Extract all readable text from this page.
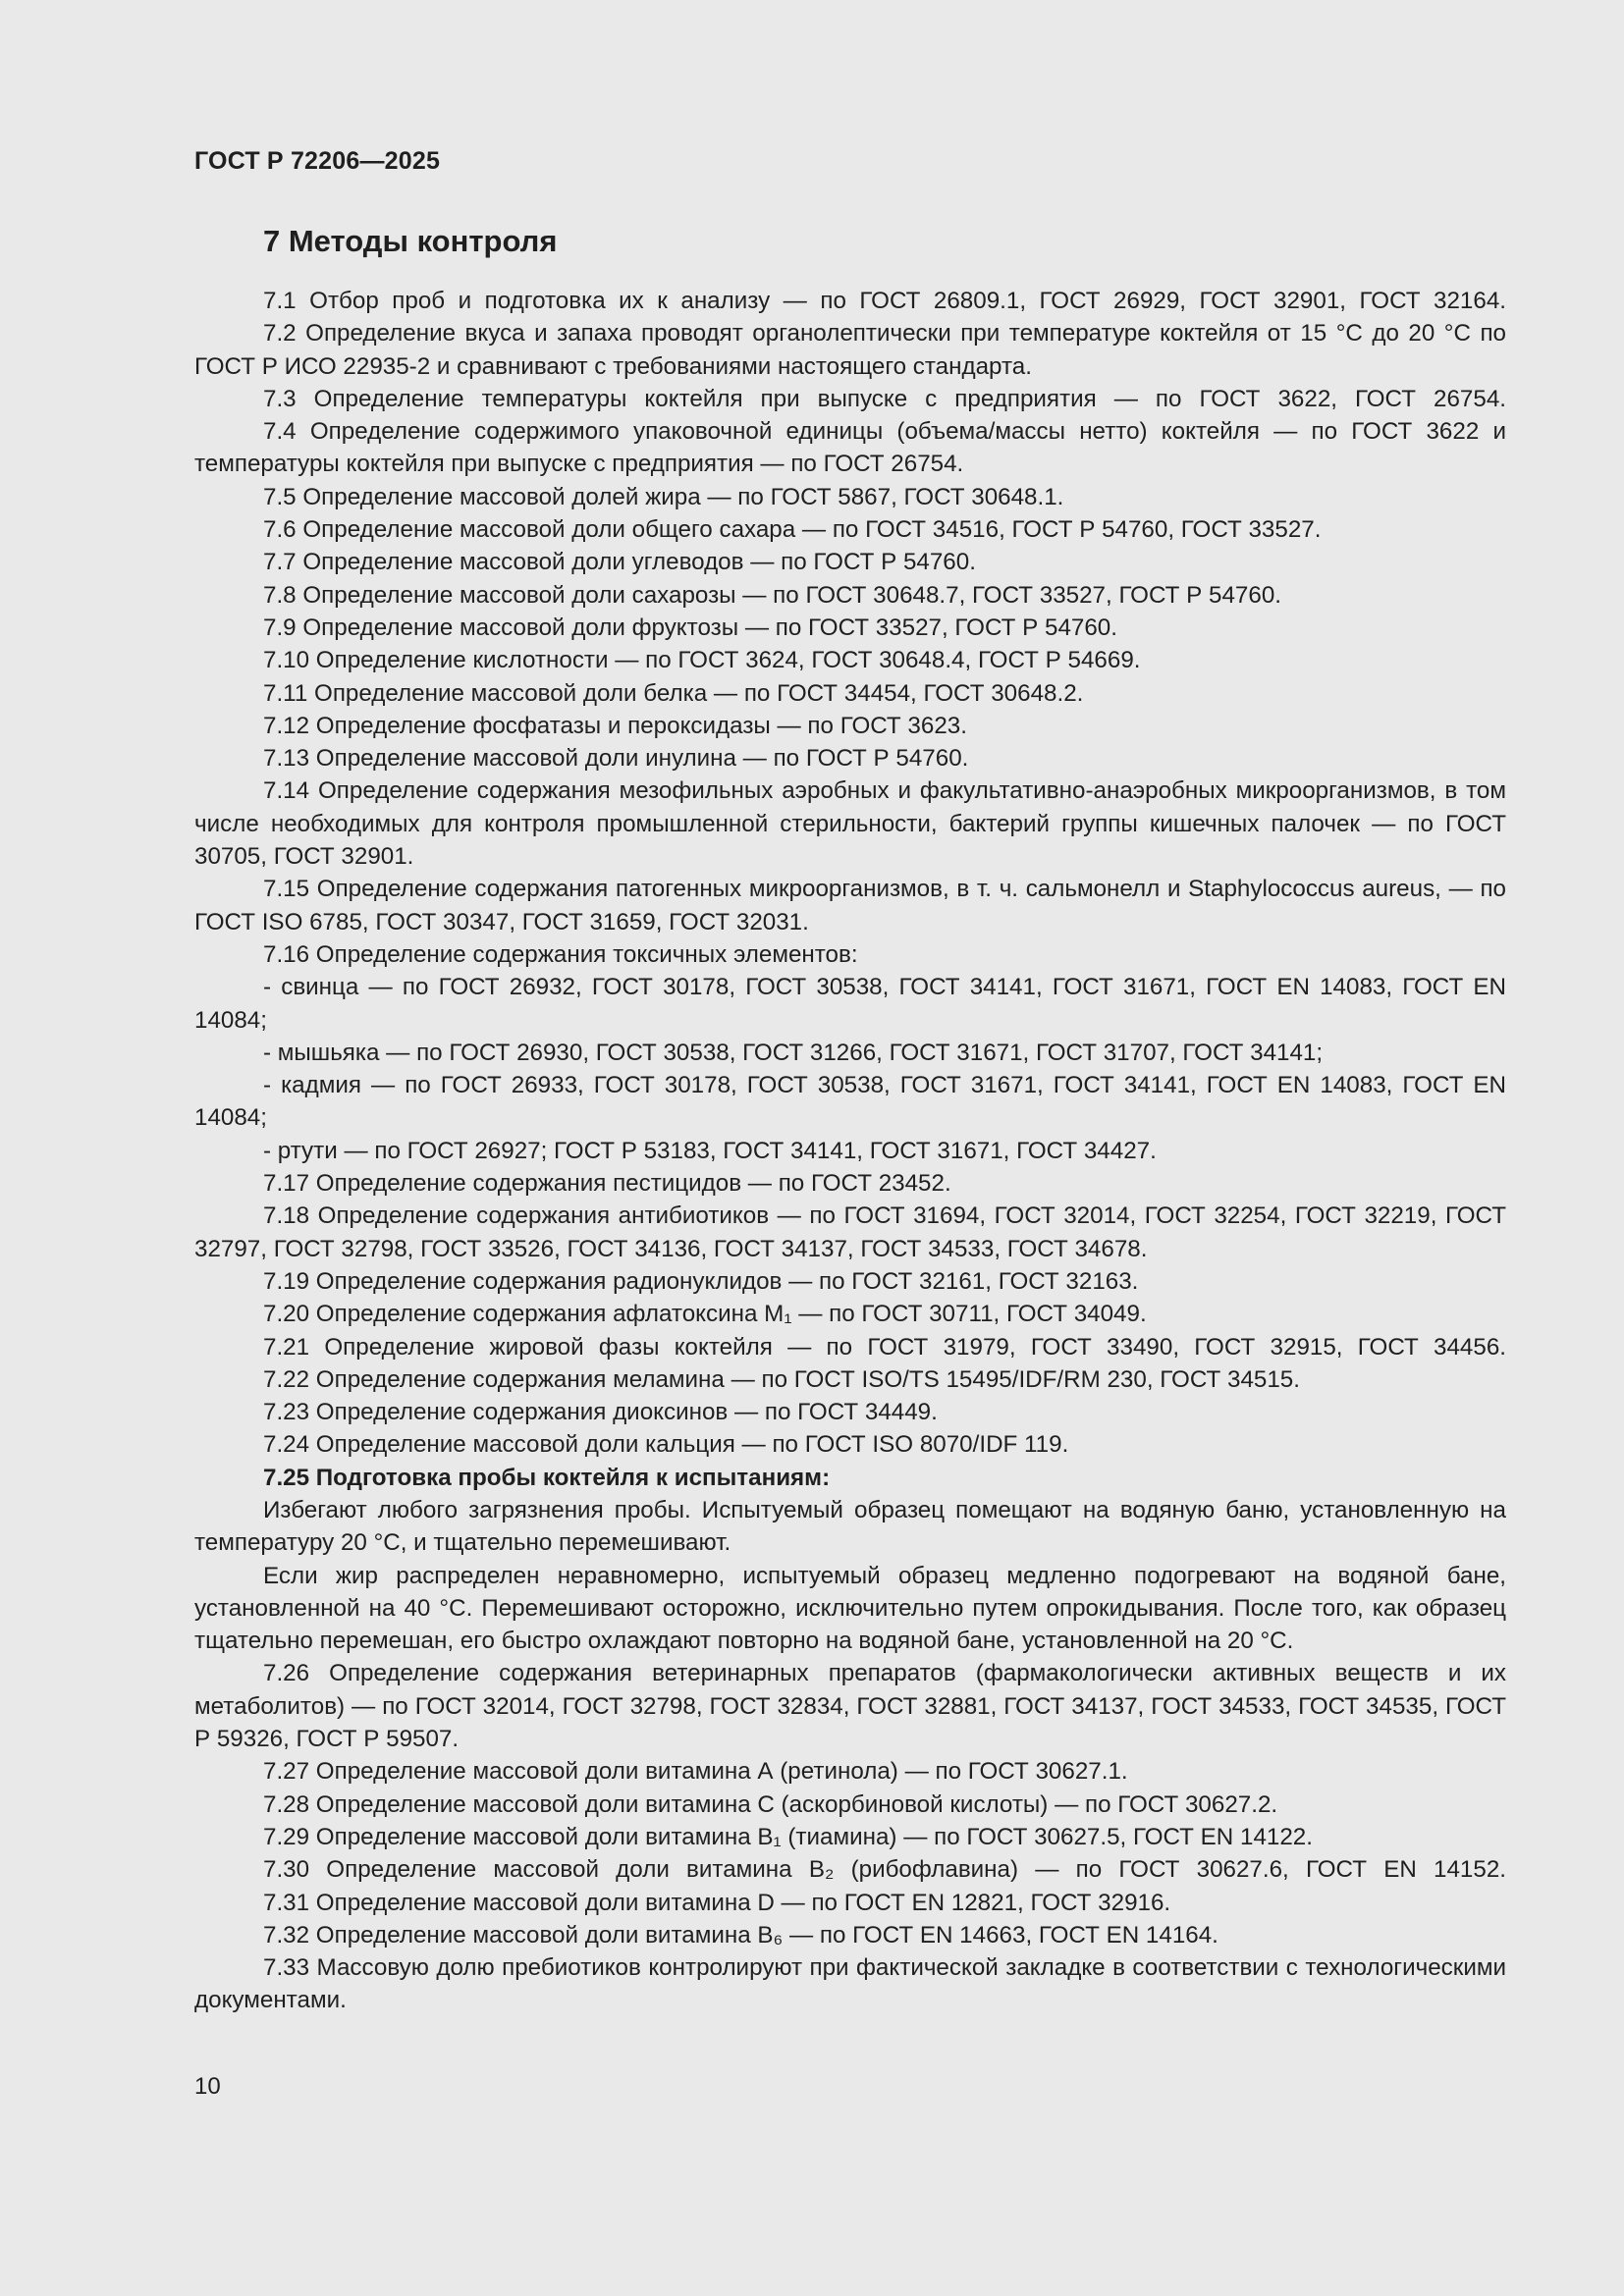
ГОСТ Р 72206—2025
7 Методы контроля

7.1 Отбор проб и подготовка их к анализу — по ГОСТ 26809.1, ГОСТ 26929, ГОСТ 32901, ГОСТ 32164.

7.2 Определение вкуса и запаха проводят органолептически при температуре коктейля от 15 °С до 20 °С по ГОСТ Р ИСО 22935-2 и сравнивают с требованиями настоящего стандарта.

7.3 Определение температуры коктейля при выпуске с предприятия — по ГОСТ 3622, ГОСТ 26754.

7.4 Определение содержимого упаковочной единицы (объема/массы нетто) коктейля — по ГОСТ 3622 и температуры коктейля при выпуске с предприятия — по ГОСТ 26754.

7.5 Определение массовой долей жира — по ГОСТ 5867, ГОСТ 30648.1.

7.6 Определение массовой доли общего сахара — по ГОСТ 34516, ГОСТ Р 54760, ГОСТ 33527.

7.7 Определение массовой доли углеводов — по ГОСТ Р 54760.

7.8 Определение массовой доли сахарозы — по ГОСТ 30648.7, ГОСТ 33527, ГОСТ Р 54760.

7.9 Определение массовой доли фруктозы — по ГОСТ 33527, ГОСТ Р 54760.

7.10 Определение кислотности — по ГОСТ 3624, ГОСТ 30648.4, ГОСТ Р 54669.

7.11 Определение массовой доли белка — по ГОСТ 34454, ГОСТ 30648.2.

7.12 Определение фосфатазы и пероксидазы — по ГОСТ 3623.

7.13 Определение массовой доли инулина — по ГОСТ Р 54760.

7.14 Определение содержания мезофильных аэробных и факультативно-анаэробных микроорганизмов, в том числе необходимых для контроля промышленной стерильности, бактерий группы кишечных палочек — по ГОСТ 30705, ГОСТ 32901.

7.15 Определение содержания патогенных микроорганизмов, в т. ч. сальмонелл и Staphylococcus aureus, — по ГОСТ ISO 6785, ГОСТ 30347, ГОСТ 31659, ГОСТ 32031.

7.16 Определение содержания токсичных элементов:

- свинца — по ГОСТ 26932, ГОСТ 30178, ГОСТ 30538, ГОСТ 34141, ГОСТ 31671, ГОСТ EN 14083, ГОСТ EN 14084;

- мышьяка — по ГОСТ 26930, ГОСТ 30538, ГОСТ 31266, ГОСТ 31671, ГОСТ 31707, ГОСТ 34141;

- кадмия — по ГОСТ 26933, ГОСТ 30178, ГОСТ 30538, ГОСТ 31671, ГОСТ 34141, ГОСТ EN 14083, ГОСТ EN 14084;

- ртути — по ГОСТ 26927; ГОСТ Р 53183, ГОСТ 34141, ГОСТ 31671, ГОСТ 34427.

7.17 Определение содержания пестицидов — по ГОСТ 23452.

7.18 Определение содержания антибиотиков — по ГОСТ 31694, ГОСТ 32014, ГОСТ 32254, ГОСТ 32219, ГОСТ 32797, ГОСТ 32798, ГОСТ 33526, ГОСТ 34136, ГОСТ 34137, ГОСТ 34533, ГОСТ 34678.

7.19 Определение содержания радионуклидов — по ГОСТ 32161, ГОСТ 32163.

7.20 Определение содержания афлатоксина М₁ — по ГОСТ 30711, ГОСТ 34049.

7.21 Определение жировой фазы коктейля — по ГОСТ 31979, ГОСТ 33490, ГОСТ 32915, ГОСТ 34456.

7.22 Определение содержания меламина — по ГОСТ ISO/TS 15495/IDF/RM 230, ГОСТ 34515.

7.23 Определение содержания диоксинов — по ГОСТ 34449.

7.24 Определение массовой доли кальция — по ГОСТ ISO 8070/IDF 119.

7.25 Подготовка пробы коктейля к испытаниям:

Избегают любого загрязнения пробы. Испытуемый образец помещают на водяную баню, установленную на температуру 20 °С, и тщательно перемешивают.

Если жир распределен неравномерно, испытуемый образец медленно подогревают на водяной бане, установленной на 40 °С. Перемешивают осторожно, исключительно путем опрокидывания. После того, как образец тщательно перемешан, его быстро охлаждают повторно на водяной бане, установленной на 20 °С.

7.26 Определение содержания ветеринарных препаратов (фармакологически активных веществ и их метаболитов) — по ГОСТ 32014, ГОСТ 32798, ГОСТ 32834, ГОСТ 32881, ГОСТ 34137, ГОСТ 34533, ГОСТ 34535, ГОСТ Р 59326, ГОСТ Р 59507.

7.27 Определение массовой доли витамина А (ретинола) — по ГОСТ 30627.1.

7.28 Определение массовой доли витамина С (аскорбиновой кислоты) — по ГОСТ 30627.2.

7.29 Определение массовой доли витамина В₁ (тиамина) — по ГОСТ 30627.5, ГОСТ EN 14122.

7.30 Определение массовой доли витамина В₂ (рибофлавина) — по ГОСТ 30627.6, ГОСТ EN 14152.

7.31 Определение массовой доли витамина D — по ГОСТ EN 12821, ГОСТ 32916.

7.32 Определение массовой доли витамина В₆ — по ГОСТ EN 14663, ГОСТ EN 14164.

7.33 Массовую долю пребиотиков контролируют при фактической закладке в соответствии с технологическими документами.

10
